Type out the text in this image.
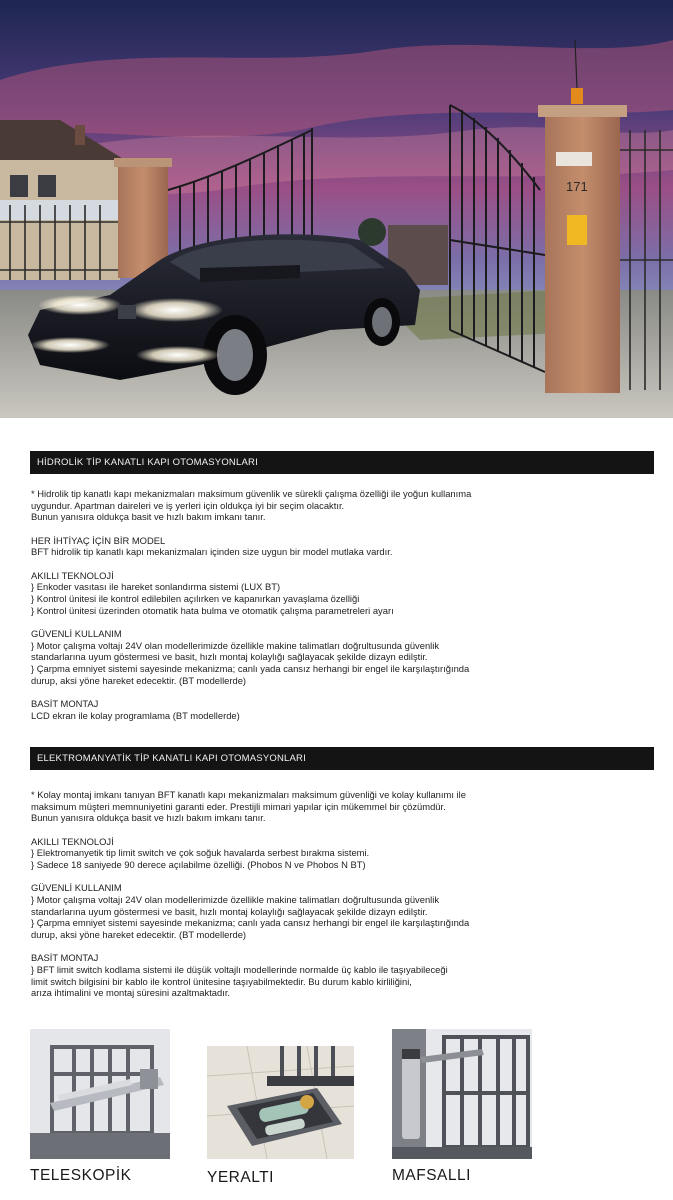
171
HİDROLİK TİP KANATLI KAPI OTOMASYONLARI

* Hidrolik tip kanatlı kapı mekanizmaları maksimum güvenlik ve sürekli çalışma özelliği ile yoğun kullanıma

uygundur. Apartman daireleri ve iş yerleri için oldukça iyi bir seçim olacaktır.

Bunun yanısıra oldukça basit ve hızlı bakım imkanı tanır.

HER İHTİYAÇ İÇİN BİR MODEL

BFT hidrolik tip kanatlı kapı mekanizmaları içinden size uygun bir model mutlaka vardır.

AKILLI TEKNOLOJİ

} Enkoder vasıtası ile hareket sonlandırma sistemi (LUX BT)

} Kontrol ünitesi ile kontrol edilebilen açılırken ve kapanırkan yavaşlama özelliği

} Kontrol ünitesi üzerinden otomatik hata bulma ve otomatik çalışma parametreleri ayarı

GÜVENLİ KULLANIM

} Motor çalışma voltajı 24V olan modellerimizde özellikle makine talimatları doğrultusunda güvenlik

standarlarına uyum göstermesi ve basit, hızlı montaj kolaylığı sağlayacak şekilde dizayn edilştir.

} Çarpma emniyet sistemi sayesinde mekanizma; canlı yada cansız herhangi bir engel ile karşılaştırığında

durup, aksi yöne hareket edecektir. (BT modellerde)

BASİT MONTAJ

LCD ekran ile kolay programlama (BT modellerde)

ELEKTROMANYATİK TİP KANATLI KAPI OTOMASYONLARI

* Kolay montaj imkanı tanıyan BFT kanatlı kapı mekanizmaları maksimum güvenliği ve kolay kullanımı ile

maksimum müşteri memnuniyetini garanti eder. Prestijli mimari yapılar için mükemmel bir çözümdür.

Bunun yanısıra oldukça basit ve hızlı bakım imkanı tanır.

AKILLI TEKNOLOJİ

} Elektromanyetik tip limit switch ve çok soğuk havalarda serbest bırakma sistemi.

} Sadece 18 saniyede 90 derece açılabilme özelliği. (Phobos N ve Phobos N BT)

GÜVENLİ KULLANIM

} Motor çalışma voltajı 24V olan modellerimizde özellikle makine talimatları doğrultusunda güvenlik

standarlarına uyum göstermesi ve basit, hızlı montaj kolaylığı sağlayacak şekilde dizayn edilştir.

} Çarpma emniyet sistemi sayesinde mekanizma; canlı yada cansız herhangi bir engel ile karşılaştırığında

durup, aksi yöne hareket edecektir. (BT modellerde)

BASİT MONTAJ

} BFT limit switch kodlama sistemi ile düşük voltajlı modellerinde normalde üç kablo ile taşıyabileceği

limit switch bilgisini bir kablo ile kontrol ünitesine taşıyabilmektedir. Bu durum kablo kirliliğini,

arıza ihtimalini ve montaj süresini azaltmaktadır.

TELESKOPİK	YERALTI	MAFSALLI
